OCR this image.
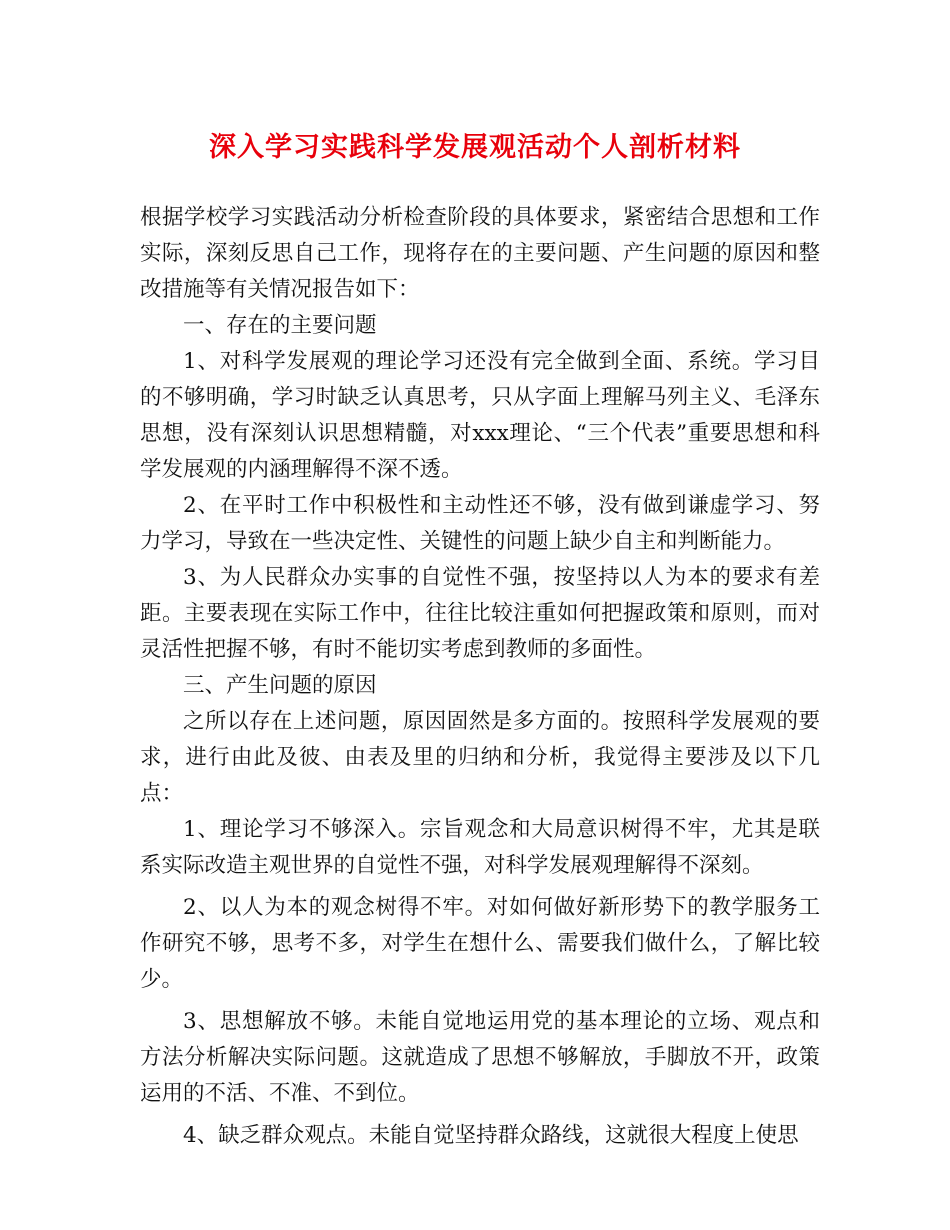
深入学习实践科学发展观活动个人剖析材料

根据学校学习实践活动分析检查阶段的具体要求，紧密结合思想和工作实际，深刻反思自己工作，现将存在的主要问题、产生问题的原因和整改措施等有关情况报告如下：

一、存在的主要问题

1、对科学发展观的理论学习还没有完全做到全面、系统。学习目的不够明确，学习时缺乏认真思考，只从字面上理解马列主义、毛泽东思想，没有深刻认识思想精髓，对xxx理论、“三个代表”重要思想和科学发展观的内涵理解得不深不透。

2、在平时工作中积极性和主动性还不够，没有做到谦虚学习、努力学习，导致在一些决定性、关键性的问题上缺少自主和判断能力。

3、为人民群众办实事的自觉性不强，按坚持以人为本的要求有差距。主要表现在实际工作中，往往比较注重如何把握政策和原则，而对灵活性把握不够，有时不能切实考虑到教师的多面性。

三、产生问题的原因

之所以存在上述问题，原因固然是多方面的。按照科学发展观的要求，进行由此及彼、由表及里的归纳和分析，我觉得主要涉及以下几点：

1、理论学习不够深入。宗旨观念和大局意识树得不牢，尤其是联系实际改造主观世界的自觉性不强，对科学发展观理解得不深刻。

2、以人为本的观念树得不牢。对如何做好新形势下的教学服务工作研究不够，思考不多，对学生在想什么、需要我们做什么，了解比较少。

3、思想解放不够。未能自觉地运用党的基本理论的立场、观点和方法分析解决实际问题。这就造成了思想不够解放，手脚放不开，政策运用的不活、不准、不到位。

4、缺乏群众观点。未能自觉坚持群众路线，这就很大程度上使思
